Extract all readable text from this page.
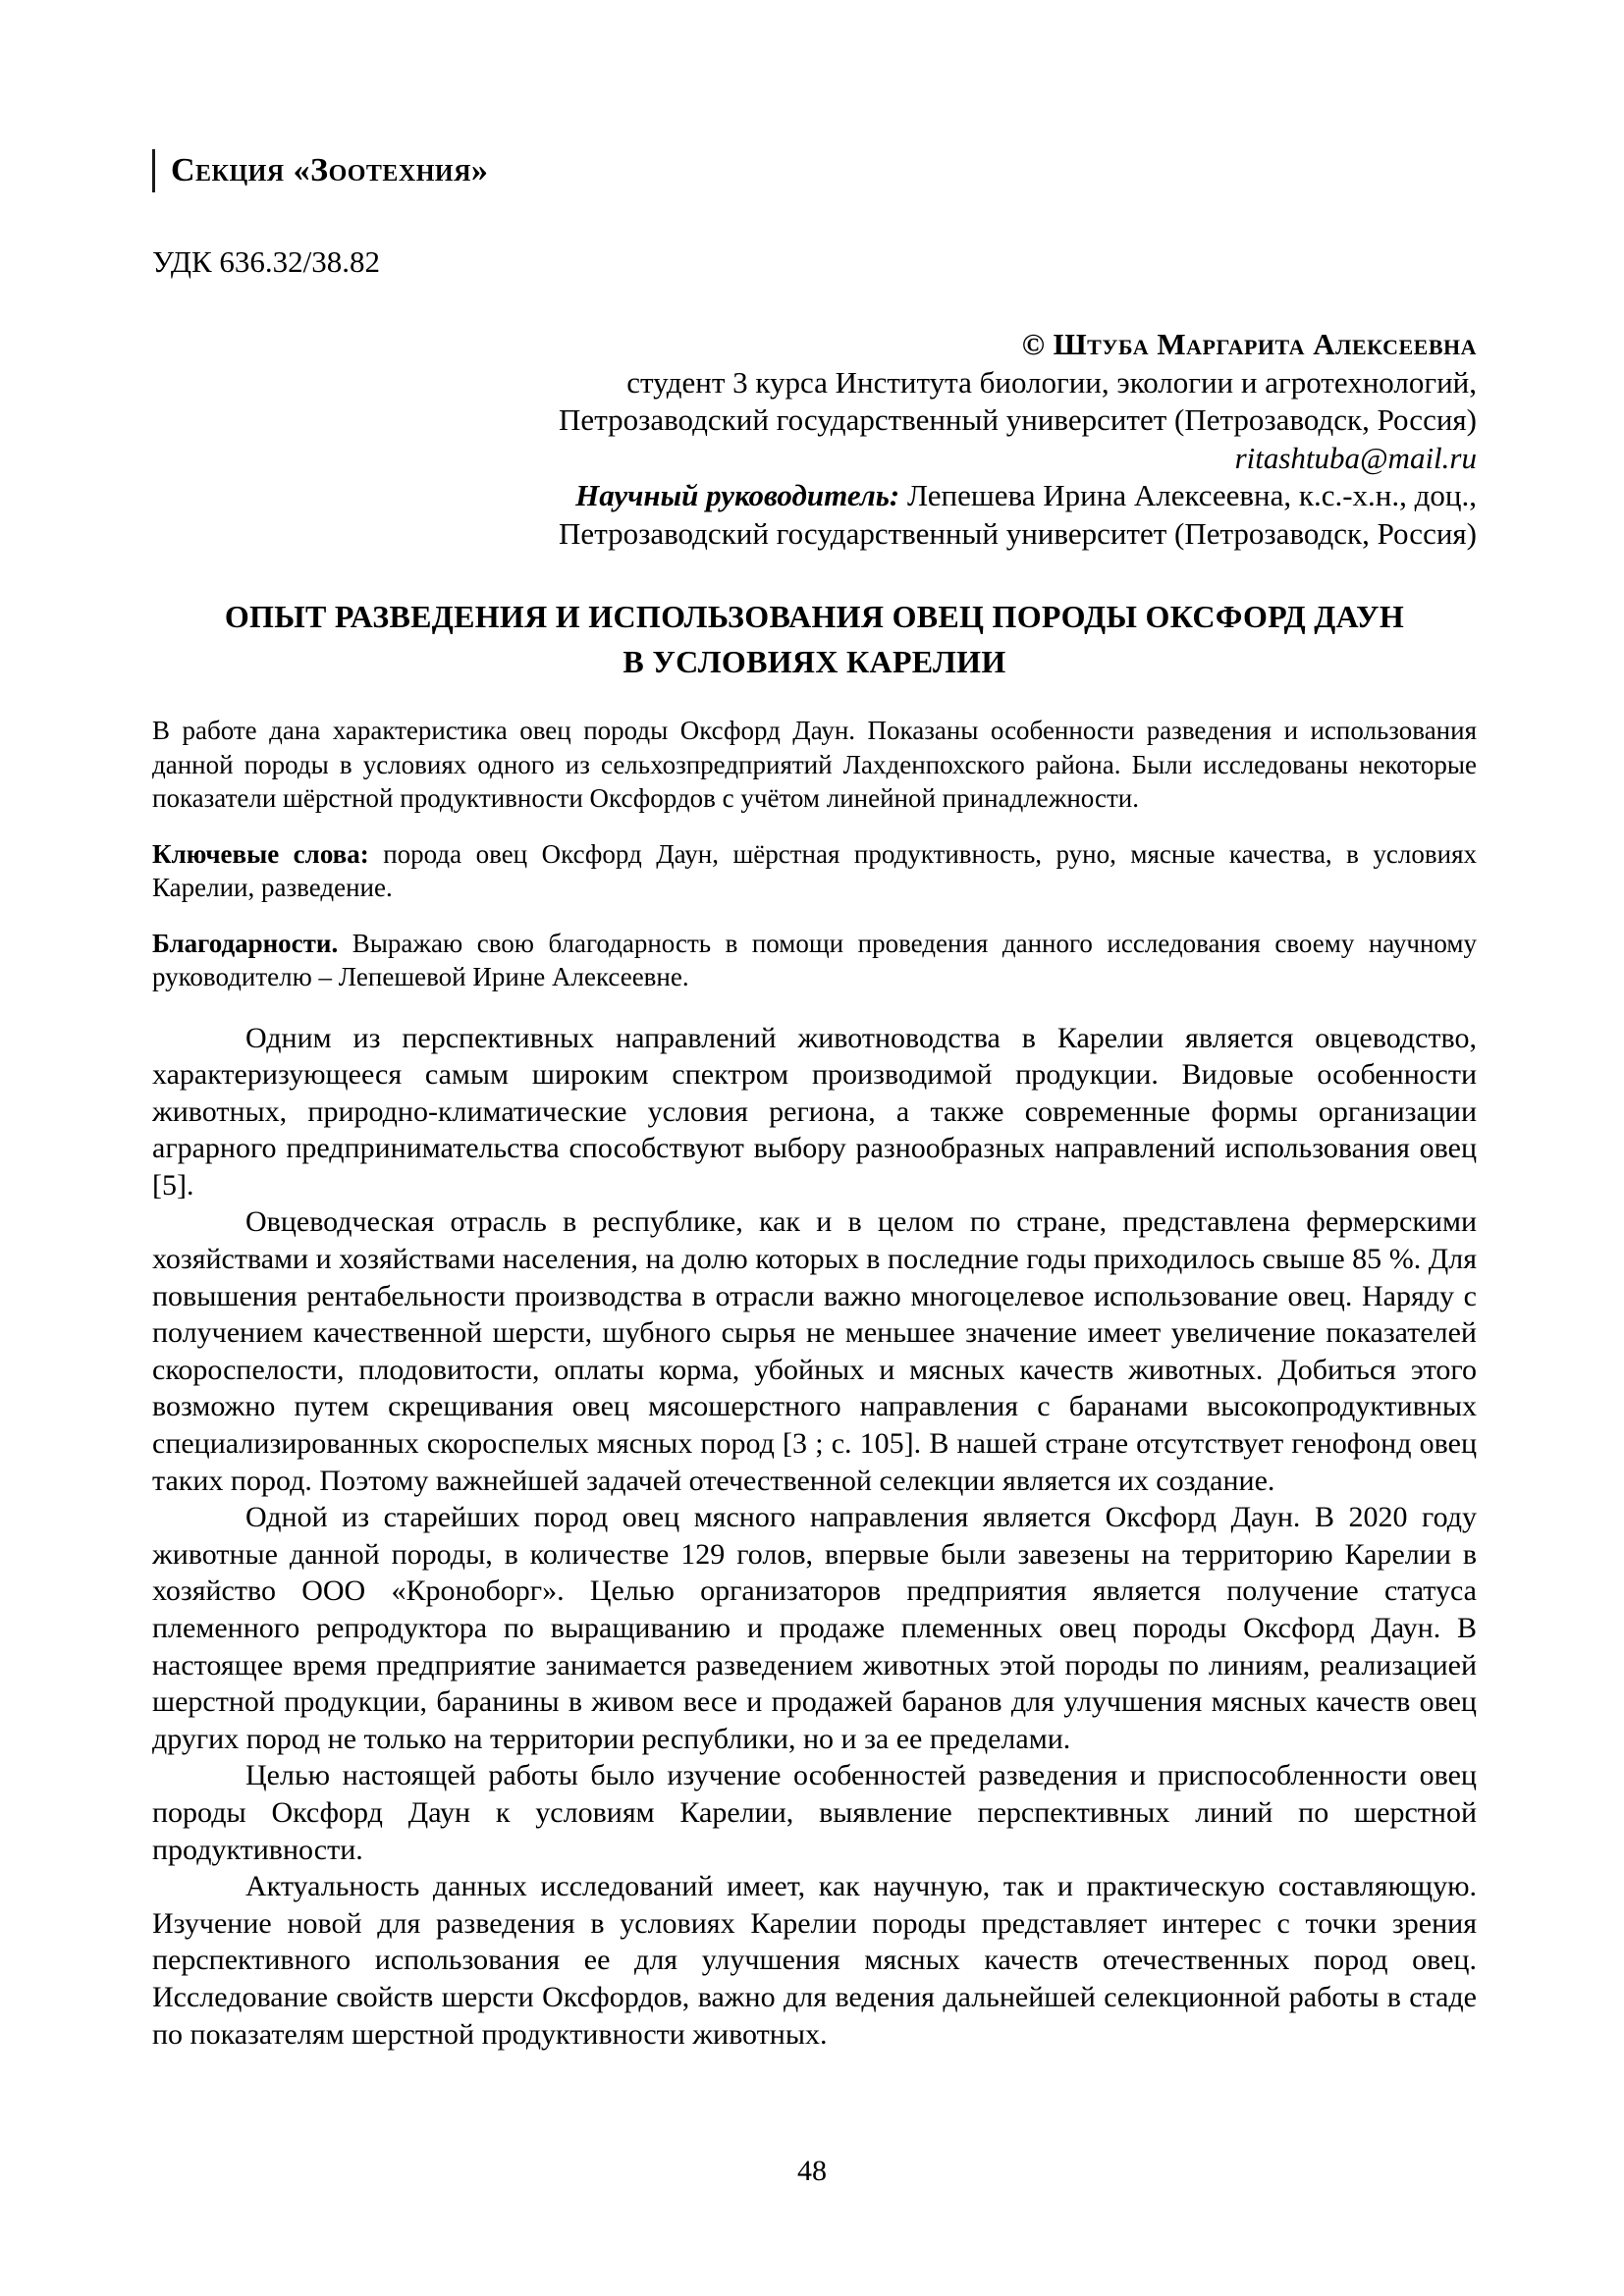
Секция «Зоотехния»
УДК 636.32/38.82
© Штуба Маргарита Алексеевна
студент 3 курса Института биологии, экологии и агротехнологий,
Петрозаводский государственный университет (Петрозаводск, Россия)
ritashtuba@mail.ru
Научный руководитель: Лепешева Ирина Алексеевна, к.с.-х.н., доц.,
Петрозаводский государственный университет (Петрозаводск, Россия)
ОПЫТ РАЗВЕДЕНИЯ И ИСПОЛЬЗОВАНИЯ ОВЕЦ ПОРОДЫ ОКСФОРД ДАУН
В УСЛОВИЯХ КАРЕЛИИ

В работе дана характеристика овец породы Оксфорд Даун. Показаны особенности разведения и использования данной породы в условиях одного из сельхозпредприятий Лахденпохского района. Были исследованы некоторые показатели шёрстной продуктивности Оксфордов с учётом линейной принадлежности.

Ключевые слова: порода овец Оксфорд Даун, шёрстная продуктивность, руно, мясные качества, в условиях Карелии, разведение.

Благодарности. Выражаю свою благодарность в помощи проведения данного исследования своему научному руководителю – Лепешевой Ирине Алексеевне.

Одним из перспективных направлений животноводства в Карелии является овцеводство, характеризующееся самым широким спектром производимой продукции. Видовые особенности животных, природно-климатические условия региона, а также современные формы организации аграрного предпринимательства способствуют выбору разнообразных направлений использования овец [5].

Овцеводческая отрасль в республике, как и в целом по стране, представлена фермерскими хозяйствами и хозяйствами населения, на долю которых в последние годы приходилось свыше 85 %. Для повышения рентабельности производства в отрасли важно многоцелевое использование овец. Наряду с получением качественной шерсти, шубного сырья не меньшее значение имеет увеличение показателей скороспелости, плодовитости, оплаты корма, убойных и мясных качеств животных. Добиться этого возможно путем скрещивания овец мясошерстного направления с баранами высокопродуктивных специализированных скороспелых мясных пород [3 ; с. 105]. В нашей стране отсутствует генофонд овец таких пород. Поэтому важнейшей задачей отечественной селекции является их создание.

Одной из старейших пород овец мясного направления является Оксфорд Даун. В 2020 году животные данной породы, в количестве 129 голов, впервые были завезены на территорию Карелии в хозяйство ООО «Кроноборг». Целью организаторов предприятия является получение статуса племенного репродуктора по выращиванию и продаже племенных овец породы Оксфорд Даун. В настоящее время предприятие занимается разведением животных этой породы по линиям, реализацией шерстной продукции, баранины в живом весе и продажей баранов для улучшения мясных качеств овец других пород не только на территории республики, но и за ее пределами.

Целью настоящей работы было изучение особенностей разведения и приспособленности овец породы Оксфорд Даун к условиям Карелии, выявление перспективных линий по шерстной продуктивности.

Актуальность данных исследований имеет, как научную, так и практическую составляющую. Изучение новой для разведения в условиях Карелии породы представляет интерес с точки зрения перспективного использования ее для улучшения мясных качеств отечественных пород овец. Исследование свойств шерсти Оксфордов, важно для ведения дальнейшей селекционной работы в стаде по показателям шерстной продуктивности животных.

48
